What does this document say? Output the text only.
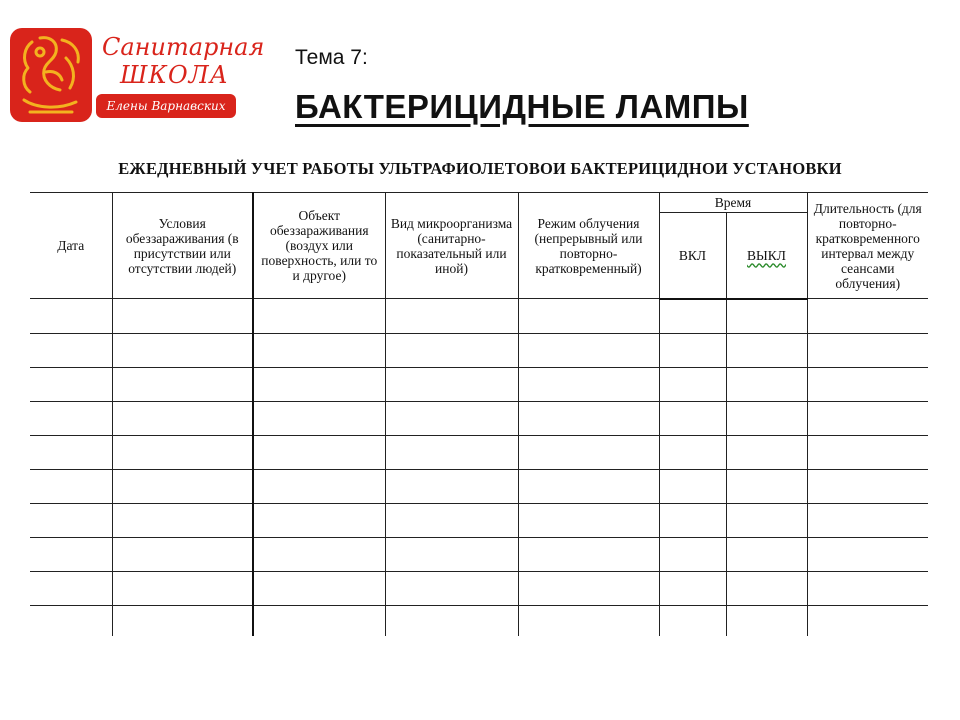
Санитарная
ШКОЛА
Елены Варнавских
Тема 7:
БАКТЕРИЦИДНЫЕ ЛАМПЫ
ЕЖЕДНЕВНЫЙ УЧЕТ РАБОТЫ УЛЬТРАФИОЛЕТОВОИ БАКТЕРИЦИДНОИ УСТАНОВКИ
Дата	Условия обеззараживания (в присутствии или отсутствии людей)	Объект обеззараживания (воздух или поверхность, или то и другое)	Вид микроорганизма (санитарно-показательный или иной)	Режим облучения (непрерывный или повторно-кратковременный)	Время		Длительность (для повторно-кратковременного интервал между сеансами облучения)
					ВКЛ	ВЫКЛ	
